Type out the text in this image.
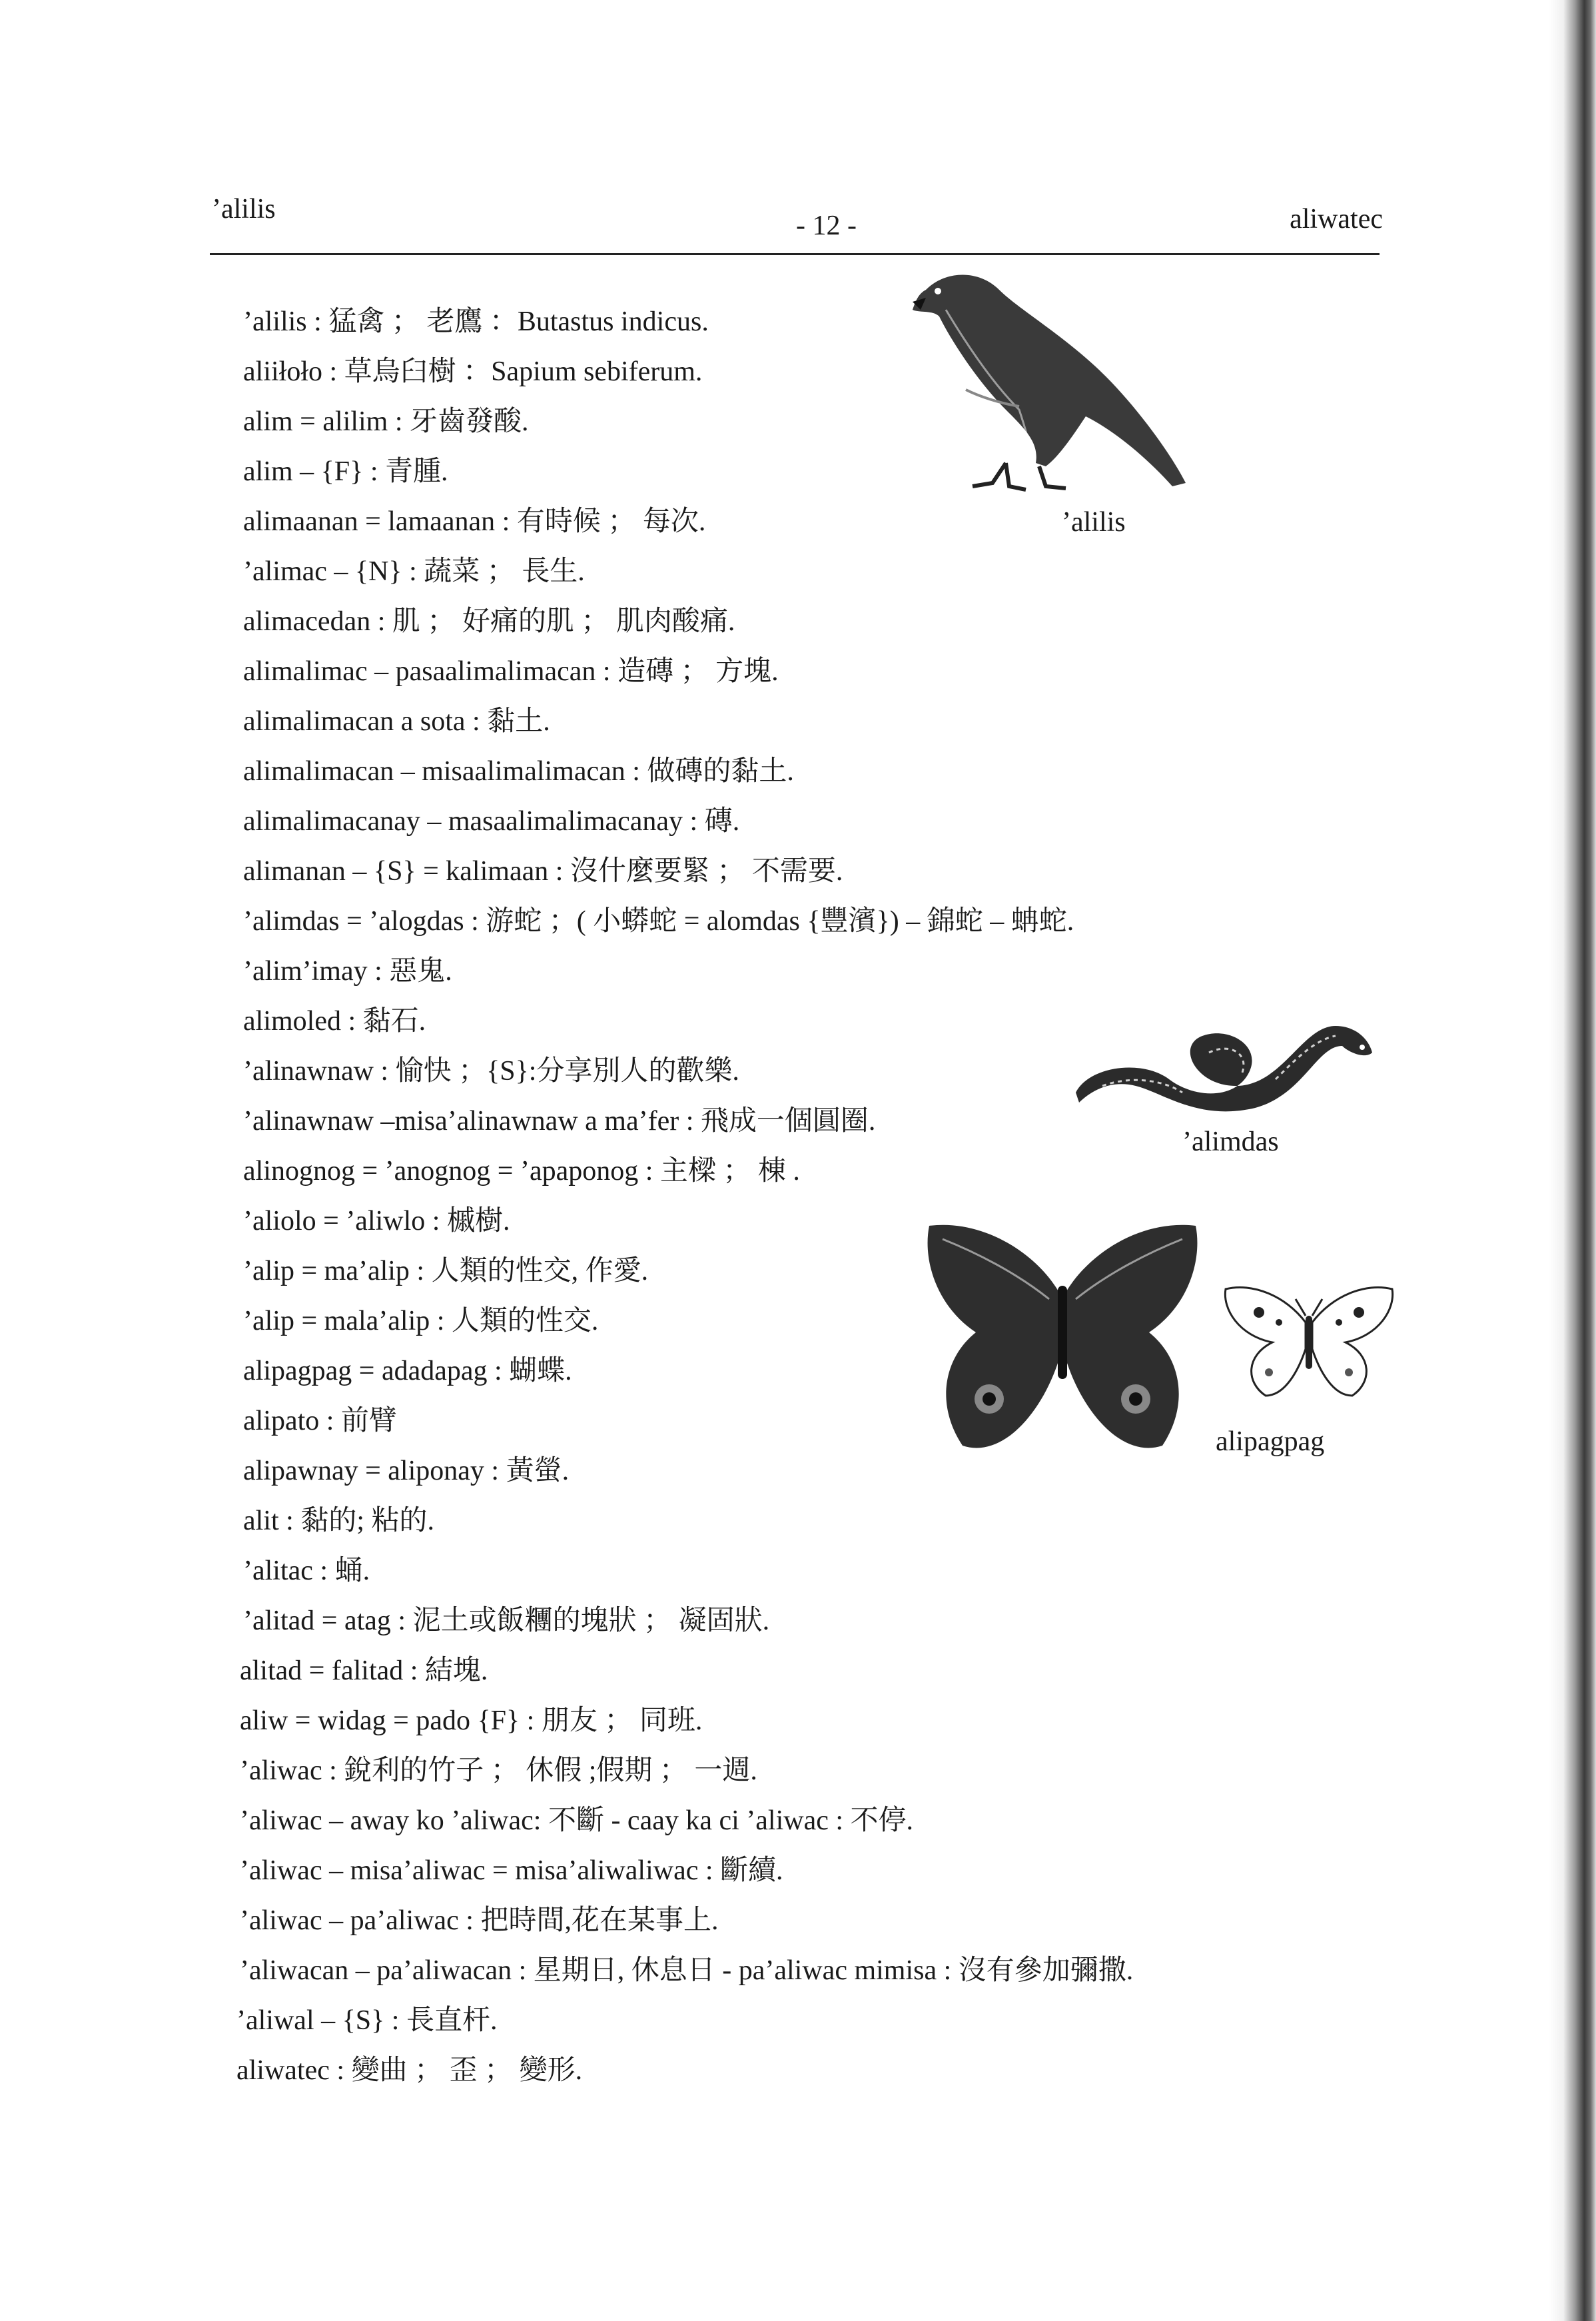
’alilis
- 12 -	aliwatec
’alilis : 猛禽 ； 老鷹 ：Butastus indicus.
aliiłoło : 草烏臼樹 ：Sapium sebiferum.
alim = alilim : 牙齒發酸.
alim – {F} : 青腫.
alimaanan = lamaanan : 有時候 ； 每次.
’alimac – {N} : 蔬菜 ； 長生.
alimacedan : 肌 ； 好痛的肌 ； 肌肉酸痛.
alimalimac – pasaalimalimacan : 造磚 ； 方塊.
alimalimacan a sota : 黏土.
alimalimacan – misaalimalimacan : 做磚的黏土.
alimalimacanay – masaalimalimacanay : 磚.
alimanan – {S} = kalimaan : 沒什麼要緊 ； 不需要.
’alimdas = ’alogdas : 游蛇 ；( 小蟒蛇 = alomdas {豐濱}) – 錦蛇 – 蚺蛇.
’alim’imay : 惡鬼.
alimoled : 黏石.
’alinawnaw : 愉快 ；{S}:分享別人的歡樂.
’alinawnaw –misa’alinawnaw a ma’fer : 飛成一個圓圈.
alinognog = ’anognog = ’apaponog : 主樑 ； 棟 .
’aliolo = ’aliwlo : 槭樹.
’alip = ma’alip : 人類的性交, 作愛.
’alip = mala’alip : 人類的性交.
alipagpag = adadapag : 蝴蝶.
alipato : 前臂
alipawnay = aliponay : 黃螢.
alit : 黏的; 粘的.
’alitac : 蛹.
’alitad = atag : 泥土或飯糰的塊狀 ； 凝固狀.
alitad = falitad : 結塊.
aliw = widag = pado {F} : 朋友 ； 同班.
’aliwac : 銳利的竹子 ； 休假 ;假期 ； 一週.
’aliwac – away ko ’aliwac: 不斷 - caay ka ci ’aliwac : 不停.
’aliwac – misa’aliwac = misa’aliwaliwac : 斷續.
’aliwac – pa’aliwac : 把時間,花在某事上.
’aliwacan – pa’aliwacan : 星期日, 休息日 - pa’aliwac mimisa : 沒有參加彌撒.
’aliwal – {S} : 長直杆.
aliwatec : 變曲 ； 歪 ； 變形.
’alilis
’alimdas
alipagpag
